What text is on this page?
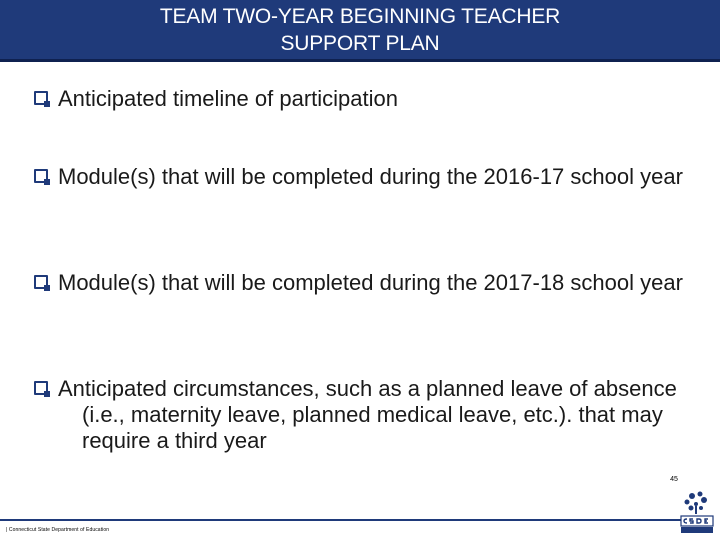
TEAM TWO-YEAR BEGINNING TEACHER
SUPPORT PLAN
Anticipated timeline of participation
Module(s) that will be completed during the 2016-17 school year
Module(s) that will be completed during the 2017-18 school year
Anticipated circumstances, such as a planned leave of absence (i.e., maternity leave, planned medical leave, etc.). that may require a third year
45
| Connecticut State Department of Education
